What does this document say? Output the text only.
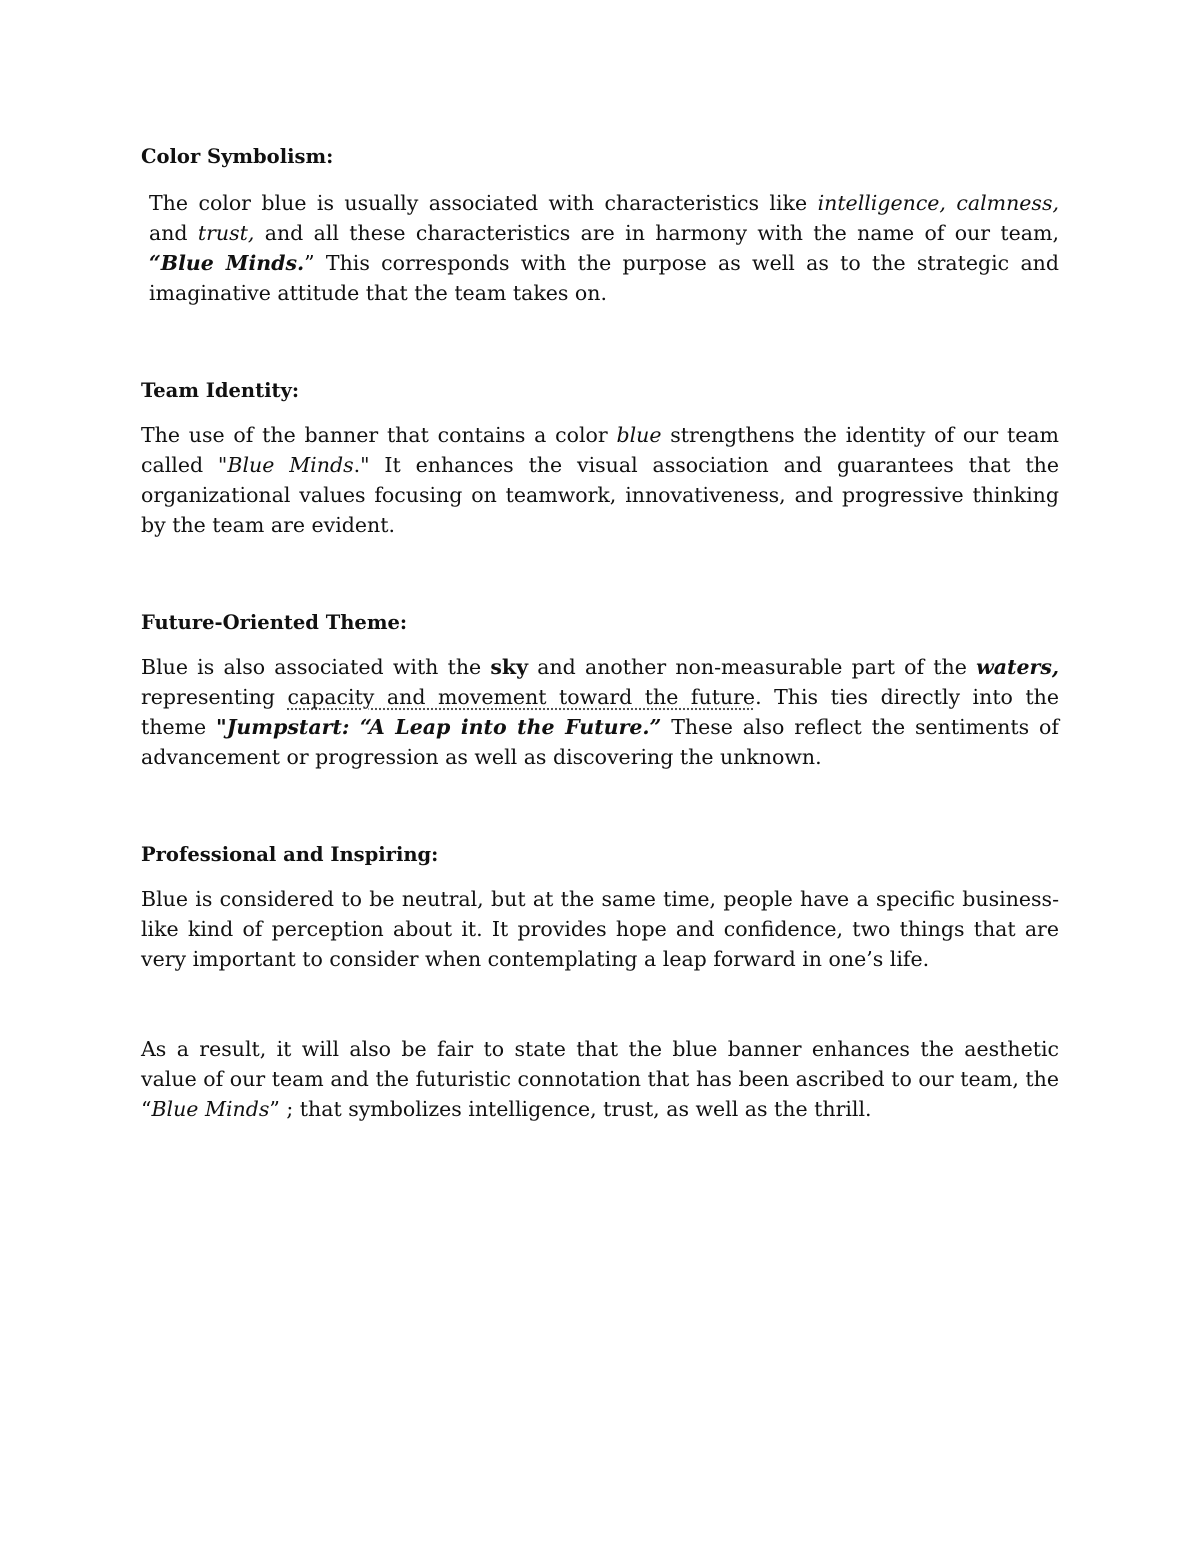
Color Symbolism:

The color blue is usually associated with characteristics like intelligence, calmness, and trust, and all these characteristics are in harmony with the name of our team, “Blue Minds.” This corresponds with the purpose as well as to the strategic and imaginative attitude that the team takes on.

Team Identity:

The use of the banner that contains a color blue strengthens the identity of our team called "Blue Minds." It enhances the visual association and guarantees that the organizational values focusing on teamwork, innovativeness, and progressive thinking by the team are evident.

Future-Oriented Theme:

Blue is also associated with the sky and another non-measurable part of the waters, representing capacity and movement toward the future. This ties directly into the theme "Jumpstart: “A Leap into the Future.” These also reflect the sentiments of advancement or progression as well as discovering the unknown.

Professional and Inspiring:

Blue is considered to be neutral, but at the same time, people have a specific business-like kind of perception about it. It provides hope and confidence, two things that are very important to consider when contemplating a leap forward in one’s life.

As a result, it will also be fair to state that the blue banner enhances the aesthetic value of our team and the futuristic connotation that has been ascribed to our team, the “Blue Minds” ; that symbolizes intelligence, trust, as well as the thrill.
